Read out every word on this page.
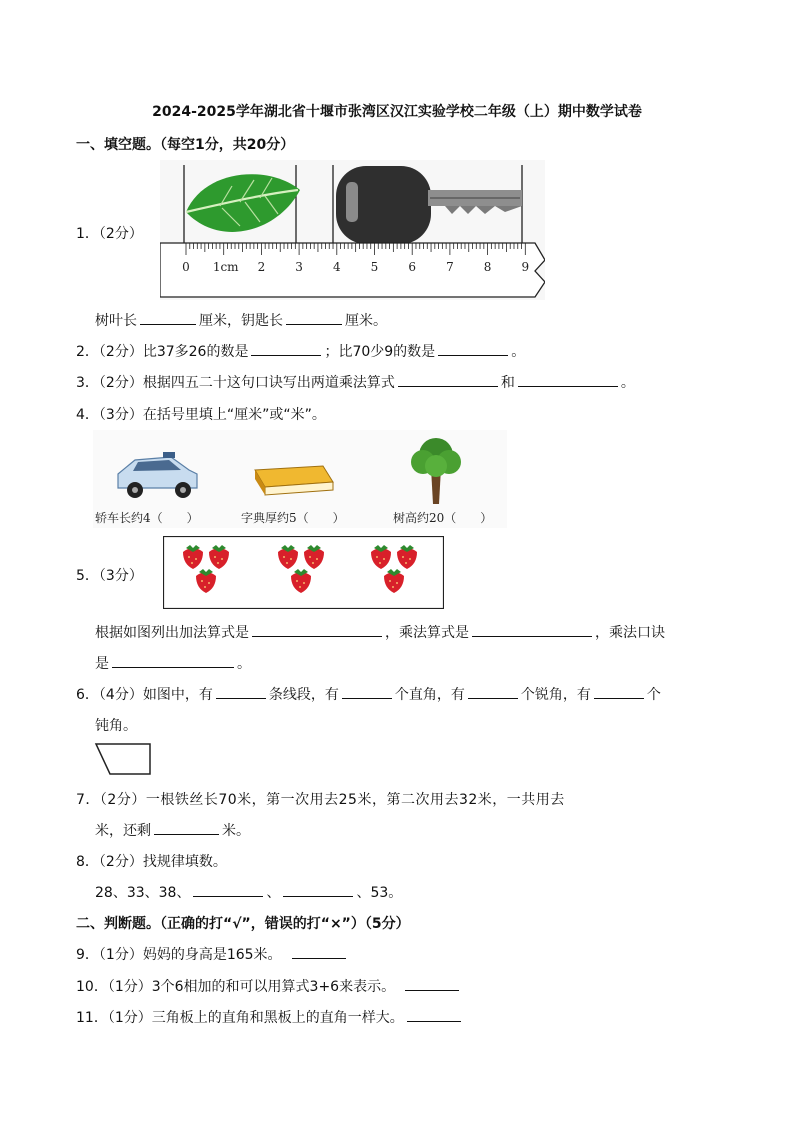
2024-2025学年湖北省十堰市张湾区汉江实验学校二年级（上）期中数学试卷
一、填空题。（每空1分，共20分）
1．（2分）
0 1cm 2	3	4	5	6	7	8	9
树叶长	厘米，钥匙长	厘米。
2．（2分）比37多26的数是	；比70少9的数是	。
3．（2分）根据四五二十这句口诀写出两道乘法算式	和	。
4．（3分）在括号里填上“厘米”或“米”。
轿车长约4（　　）	字典厚约5（　　）	树高约20（　　）
5．（3分）
根据如图列出加法算式是	，乘法算式是	，乘法口诀
是	。
6．（4分）如图中，有	条线段，有	个直角，有	个锐角，有	个
钝角。
7．（2分）一根铁丝长70米，第一次用去25米，第二次用去32米，一共用去
米，还剩	米。
8．（2分）找规律填数。
28、33、38、	、	、53。
二、判断题。（正确的打“√”，错误的打“×”）（5分）
9．（1分）妈妈的身高是165米。
10．（1分）3个6相加的和可以用算式3+6来表示。
11．（1分）三角板上的直角和黑板上的直角一样大。
